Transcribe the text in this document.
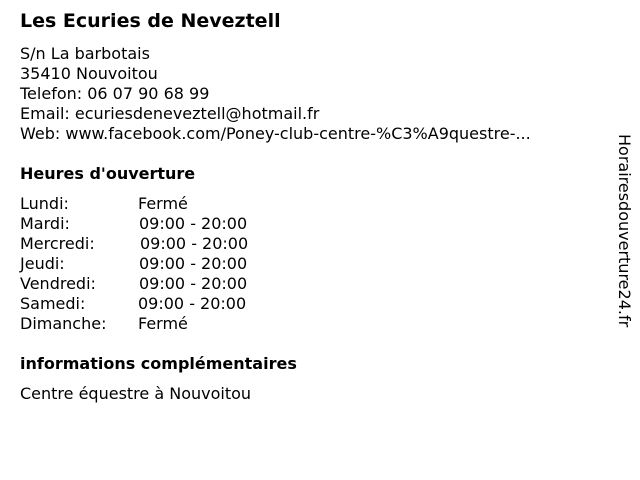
Les Ecuries de Neveztell
S/n La barbotais
35410 Nouvoitou
Telefon: 06 07 90 68 99
Email: ecuriesdeneveztell@hotmail.fr
Web: www.facebook.com/Poney-club-centre-%C3%A9questre-...
Heures d'ouverture
Lundi:	Fermé
Mardi:	09:00 - 20:00
Mercredi:	09:00 - 20:00
Jeudi:	09:00 - 20:00
Vendredi:	09:00 - 20:00
Samedi:	09:00 - 20:00
Dimanche: Fermé
informations complémentaires
Centre équestre à Nouvoitou
Horairesdouverture24.fr
